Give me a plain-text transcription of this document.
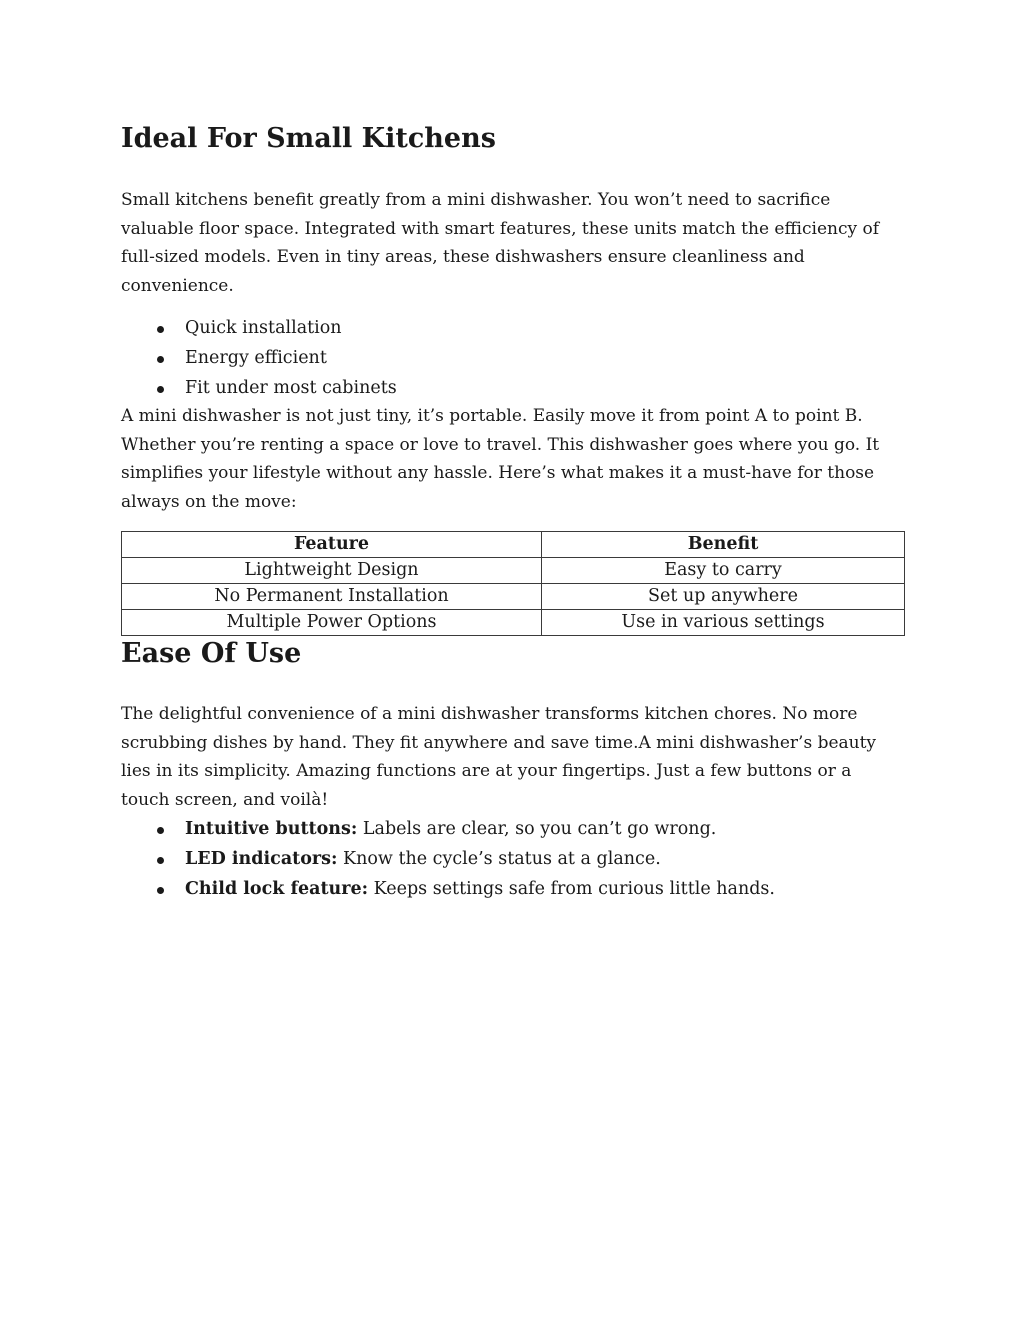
Ideal For Small Kitchens

Small kitchens benefit greatly from a mini dishwasher. You won’t need to sacrifice valuable floor space. Integrated with smart features, these units match the efficiency of full-sized models. Even in tiny areas, these dishwashers ensure cleanliness and convenience.

Quick installation
Energy efficient
Fit under most cabinets

A mini dishwasher is not just tiny, it’s portable. Easily move it from point A to point B. Whether you’re renting a space or love to travel. This dishwasher goes where you go. It simplifies your lifestyle without any hassle. Here’s what makes it a must-have for those always on the move:

Feature	Benefit
Lightweight Design	Easy to carry
No Permanent Installation	Set up anywhere
Multiple Power Options	Use in various settings
Ease Of Use

The delightful convenience of a mini dishwasher transforms kitchen chores. No more scrubbing dishes by hand. They fit anywhere and save time.A mini dishwasher’s beauty lies in its simplicity. Amazing functions are at your fingertips. Just a few buttons or a touch screen, and voilà!

Intuitive buttons: Labels are clear, so you can’t go wrong.
LED indicators: Know the cycle’s status at a glance.
Child lock feature: Keeps settings safe from curious little hands.
